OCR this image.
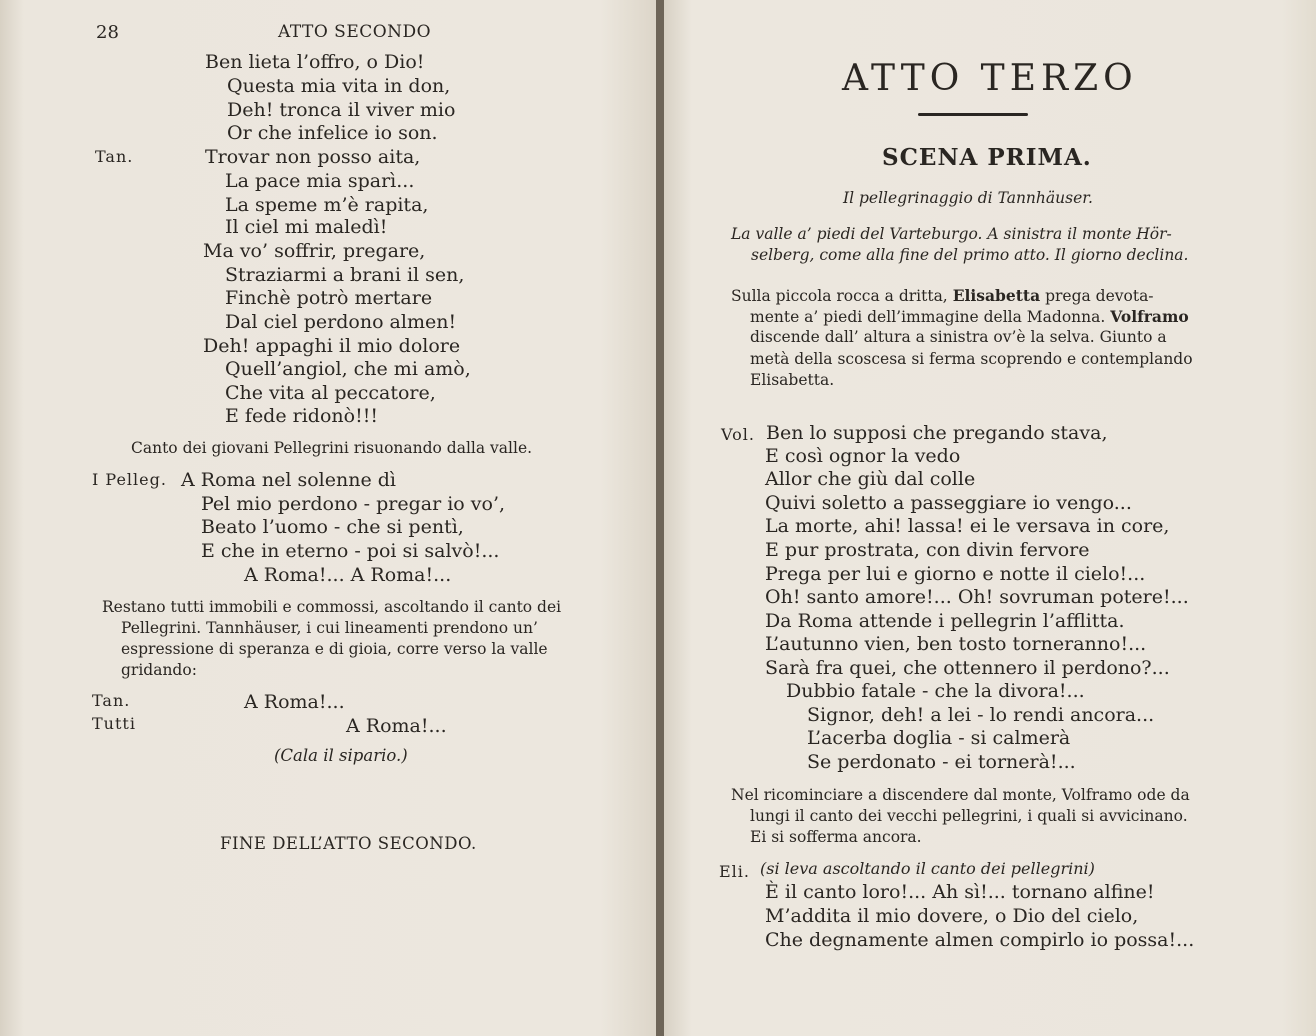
28	ATTO SECONDO
Ben lieta l’offro, o Dio!
Questa mia vita in don,
Deh! tronca il viver mio
Or che infelice io son.
Tan.	Trovar non posso aita,
La pace mia sparì...
La speme m’è rapita,
Il ciel mi maledì!
Ma vo’ soffrir, pregare,
Straziarmi a brani il sen,
Finchè potrò mertare
Dal ciel perdono almen!
Deh! appaghi il mio dolore
Quell’angiol, che mi amò,
Che vita al peccatore,
E fede ridonò!!!
Canto dei giovani Pellegrini risuonando dalla valle.
I Pelleg. A Roma nel solenne dì
Pel mio perdono - pregar io vo’,
Beato l’uomo - che si pentì,
E che in eterno - poi si salvò!...
A Roma!... A Roma!...
Restano tutti immobili e commossi, ascoltando il canto dei
Pellegrini. Tannhäuser, i cui lineamenti prendono un’
espressione di speranza e di gioia, corre verso la valle
gridando:
Tan.
Tutti
A Roma!...
A Roma!...
(Cala il sipario.)
FINE DELL’ATTO SECONDO.
ATTO TERZO
SCENA PRIMA.
Il pellegrinaggio di Tannhäuser.
La valle a’ piedi del Varteburgo. A sinistra il monte Hör-
selberg, come alla fine del primo atto. Il giorno declina.
Sulla piccola rocca a dritta, Elisabetta prega devota-
mente a’ piedi dell’immagine della Madonna. Volframo
discende dall’ altura a sinistra ov’è la selva. Giunto a
metà della scoscesa si ferma scoprendo e contemplando
Elisabetta.
Vol. Ben lo supposi che pregando stava,
E così ognor la vedo
Allor che giù dal colle
Quivi soletto a passeggiare io vengo...
La morte, ahi! lassa! ei le versava in core,
E pur prostrata, con divin fervore
Prega per lui e giorno e notte il cielo!...
Oh! santo amore!... Oh! sovruman potere!...
Da Roma attende i pellegrin l’afflitta.
L’autunno vien, ben tosto torneranno!...
Sarà fra quei, che ottennero il perdono?...
Dubbio fatale - che la divora!...
Signor, deh! a lei - lo rendi ancora...
L’acerba doglia - si calmerà
Se perdonato - ei tornerà!...
Nel ricominciare a discendere dal monte, Volframo ode da
lungi il canto dei vecchi pellegrini, i quali si avvicinano.
Ei si sofferma ancora.
Eli. (si leva ascoltando il canto dei pellegrini)
È il canto loro!... Ah sì!... tornano alfine!
M’addita il mio dovere, o Dio del cielo,
Che degnamente almen compirlo io possa!...
